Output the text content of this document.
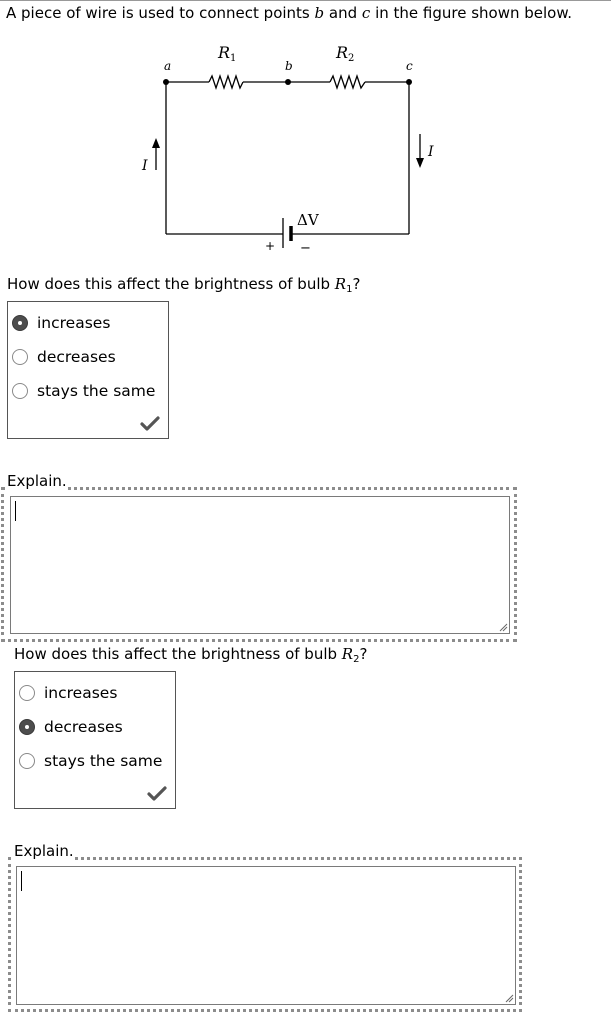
A piece of wire is used to connect points b and c in the figure shown below.
a	b	c
R1	R2
I
I
ΔV
+ −
How does this affect the brightness of bulb $R_1$?
increases
decreases
stays the same
Explain.
How does this affect the brightness of bulb $R_2$?
increases
decreases
stays the same
Explain.
